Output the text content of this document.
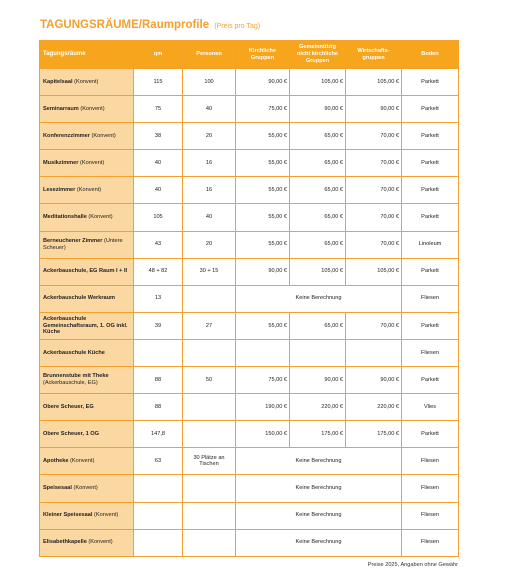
TAGUNGSRÄUME/Raumprofile (Preis pro Tag)
Tagungsräume	qm	Personen	Kirchliche Gruppen	Gemeinnützig nicht kirchliche Gruppen	Wirtschafts-gruppen	Boden
Kapitelsaal (Konvent)	115	100	90,00 €	105,00 €	105,00 €	Parkett
Seminarraum (Konvent)	75	40	75,00 €	90,00 €	90,00 €	Parkett
Konferenzzimmer (Konvent)	38	20	55,00 €	65,00 €	70,00 €	Parkett
Musikzimmer (Konvent)	40	16	55,00 €	65,00 €	70,00 €	Parkett
Lesezimmer (Konvent)	40	16	55,00 €	65,00 €	70,00 €	Parkett
Meditationshalle (Konvent)	105	40	55,00 €	65,00 €	70,00 €	Parkett
Berneuchener Zimmer (Untere Scheuer)	43	20	55,00 €	65,00 €	70,00 €	Linoleum
Ackerbauschule, EG Raum I + II	48 + 82	30 + 15	90,00 €	105,00 €	105,00 €	Parkett
Ackerbauschule Werkraum	13		Keine Berechnung			Fliesen
Ackerbauschule Gemeinschaftsraum, 1. OG inkl. Küche	39	27	55,00 €	65,00 €	70,00 €	Parkett
Ackerbauschule Küche						Fliesen
Brunnenstube mit Theke (Ackerbauschule, EG)	88	50	75,00 €	90,00 €	90,00 €	Parkett
Obere Scheuer, EG	88		190,00 €	220,00 €	220,00 €	Vlies
Obere Scheuer, 1 OG	147,8		150,00 €	175,00 €	175,00 €	Parkett
Apotheke (Konvent)	63	30 Plätze an Tischen	Keine Berechnung			Fliesen
Speisesaal (Konvent)			Keine Berechnung			Fliesen
Kleiner Speisesaal (Konvent)			Keine Berechnung			Fliesen
Elisabethkapelle (Konvent)			Keine Berechnung			Fliesen
Preise 2025, Angaben ohne Gewähr
